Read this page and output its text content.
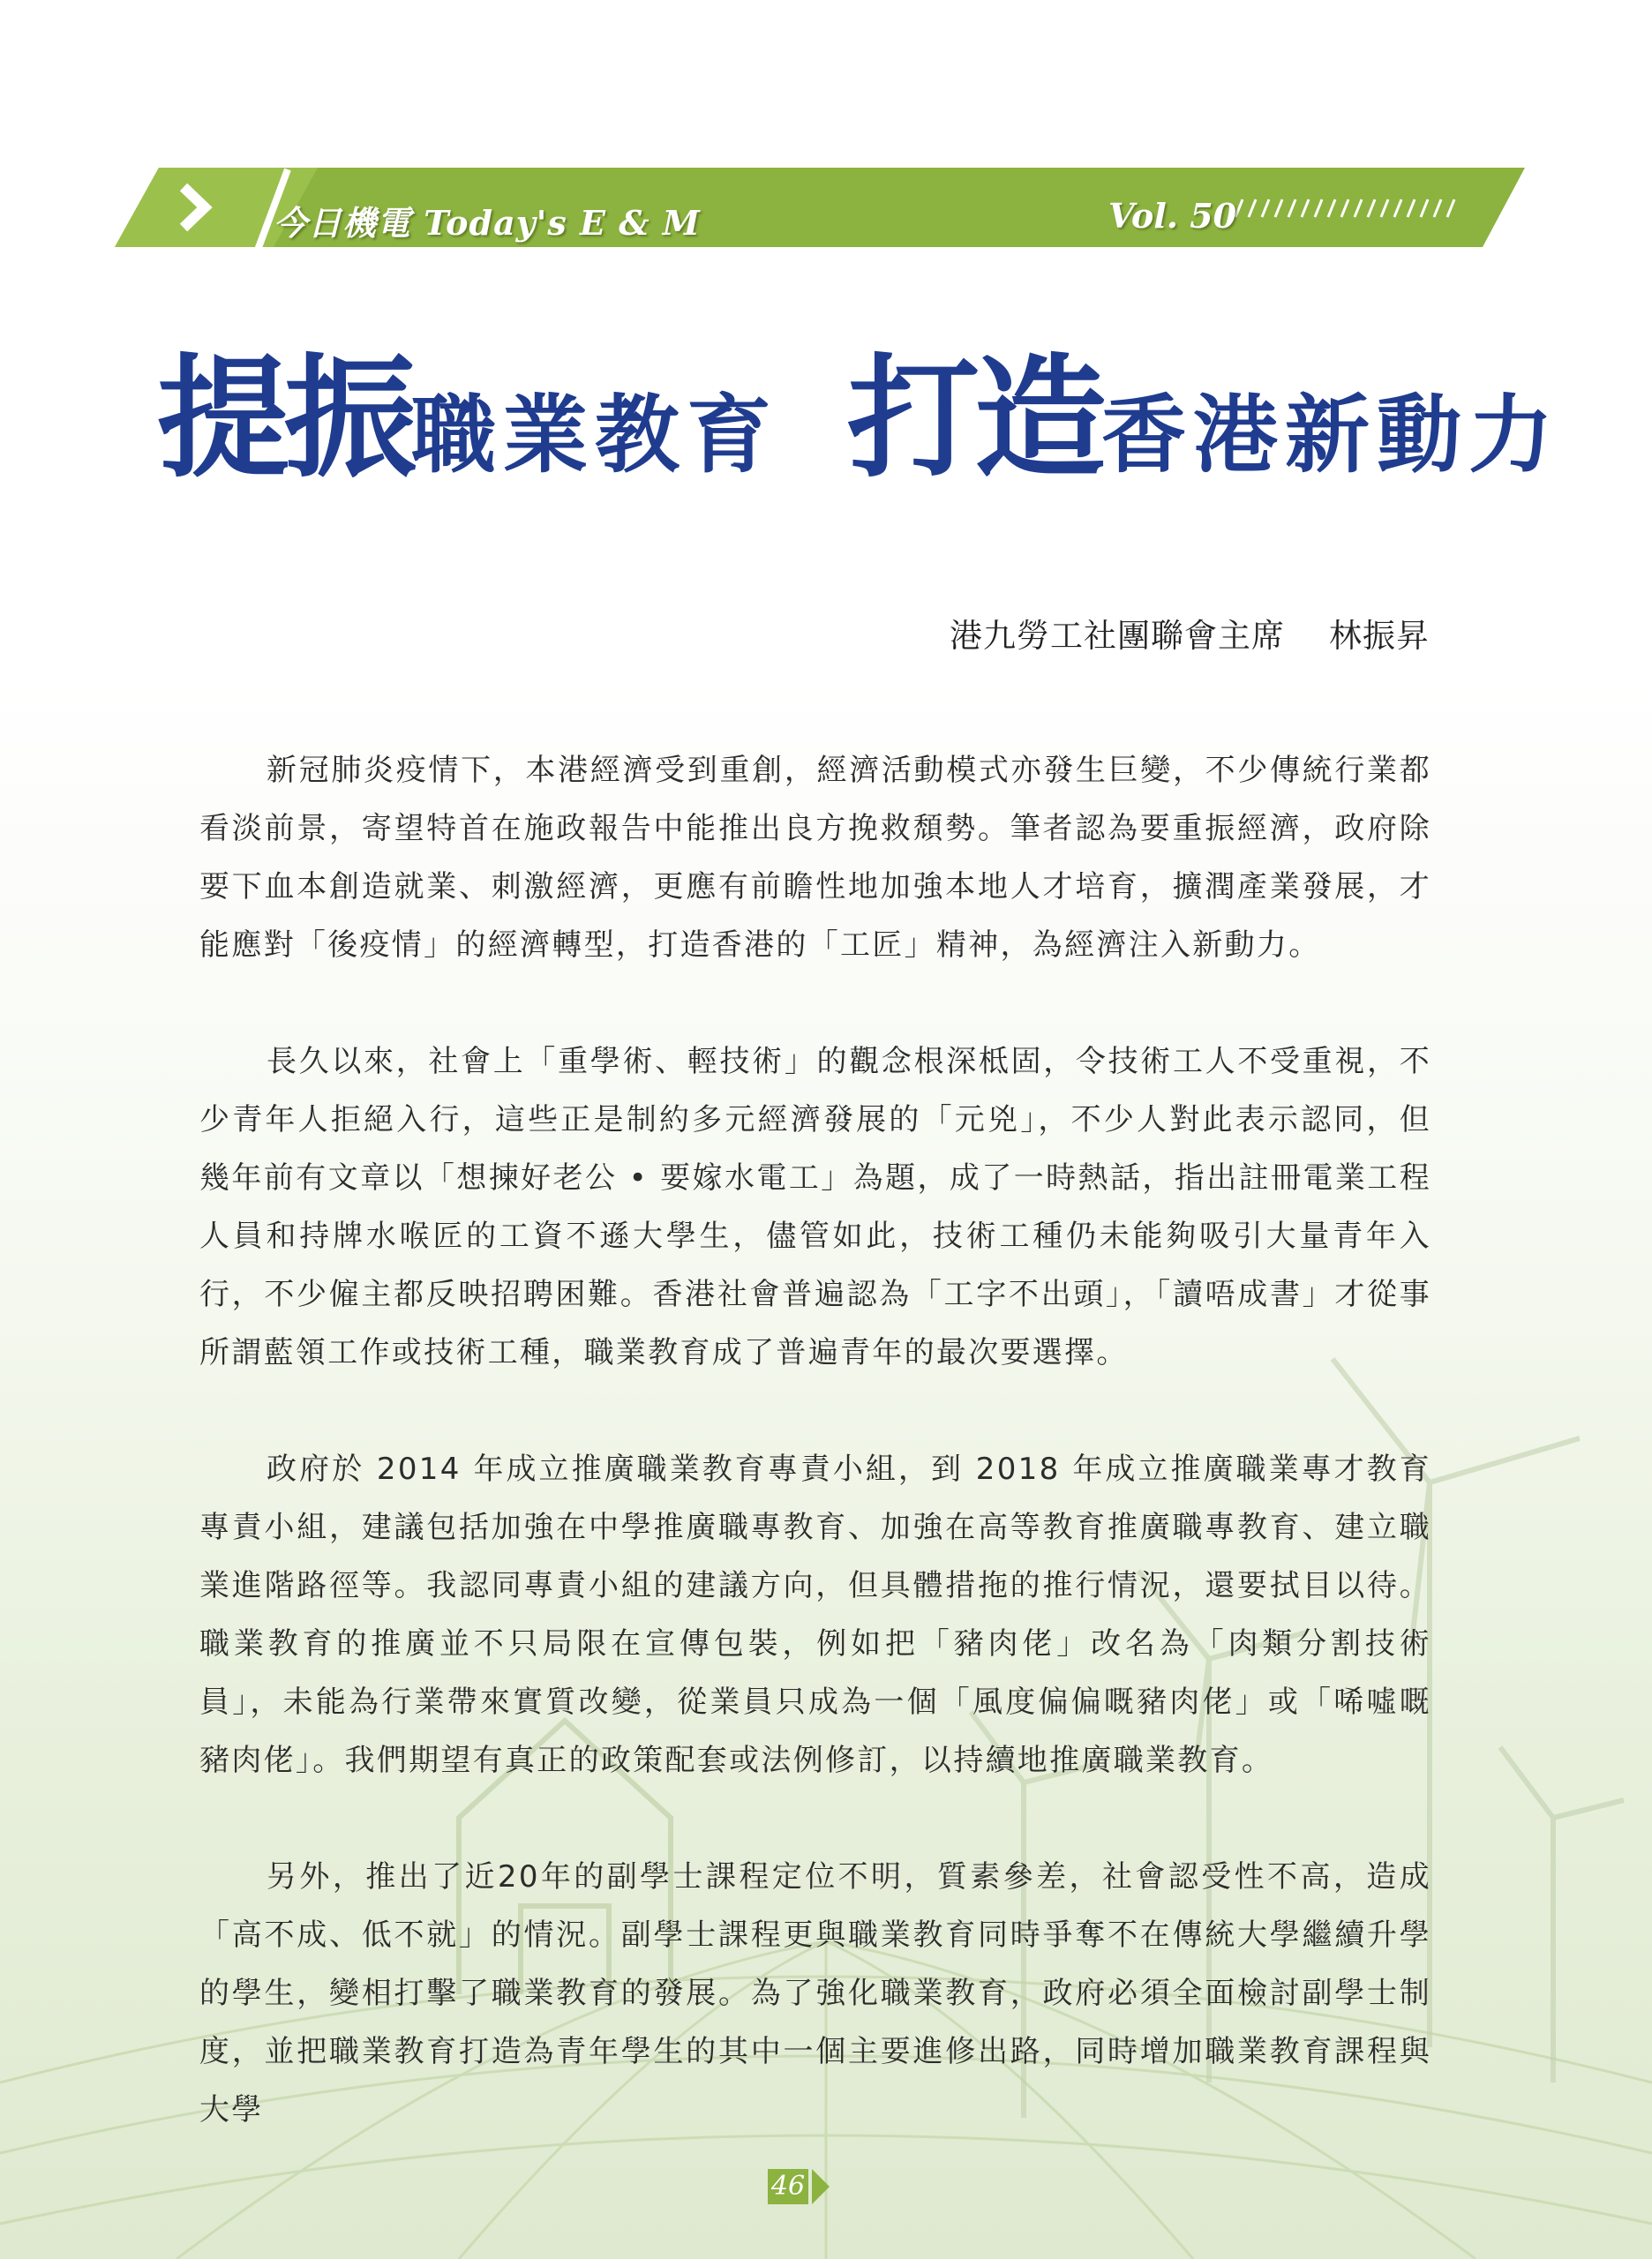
今日機電 Today's E & M	Vol. 50
提振職業教育 打造香港新動力
港九勞工社團聯會主席 林振昇

新冠肺炎疫情下，本港經濟受到重創，經濟活動模式亦發生巨變，不少傳統行業都看淡前景，寄望特首在施政報告中能推出良方挽救頹勢。筆者認為要重振經濟，政府除要下血本創造就業、刺激經濟，更應有前瞻性地加強本地人才培育，擴潤產業發展，才能應對「後疫情」的經濟轉型，打造香港的「工匠」精神，為經濟注入新動力。

長久以來，社會上「重學術、輕技術」的觀念根深柢固，令技術工人不受重視，不少青年人拒絕入行，這些正是制約多元經濟發展的「元兇」，不少人對此表示認同，但幾年前有文章以「想揀好老公 • 要嫁水電工」為題，成了一時熱話，指出註冊電業工程人員和持牌水喉匠的工資不遜大學生，儘管如此，技術工種仍未能夠吸引大量青年入行，不少僱主都反映招聘困難。香港社會普遍認為「工字不出頭」，「讀唔成書」才從事所謂藍領工作或技術工種，職業教育成了普遍青年的最次要選擇。

政府於 2014 年成立推廣職業教育專責小組，到 2018 年成立推廣職業專才教育專責小組，建議包括加強在中學推廣職專教育、加強在高等教育推廣職專教育、建立職業進階路徑等。我認同專責小組的建議方向，但具體措拖的推行情況，還要拭目以待。職業教育的推廣並不只局限在宣傳包裝，例如把「豬肉佬」改名為「肉類分割技術員」，未能為行業帶來實質改變，從業員只成為一個「風度偏偏嘅豬肉佬」或「唏噓嘅豬肉佬」。我們期望有真正的政策配套或法例修訂，以持續地推廣職業教育。

另外，推出了近20年的副學士課程定位不明，質素參差，社會認受性不高，造成「高不成、低不就」的情況。副學士課程更與職業教育同時爭奪不在傳統大學繼續升學的學生，變相打擊了職業教育的發展。為了強化職業教育，政府必須全面檢討副學士制度，並把職業教育打造為青年學生的其中一個主要進修出路，同時增加職業教育課程與大學

46
